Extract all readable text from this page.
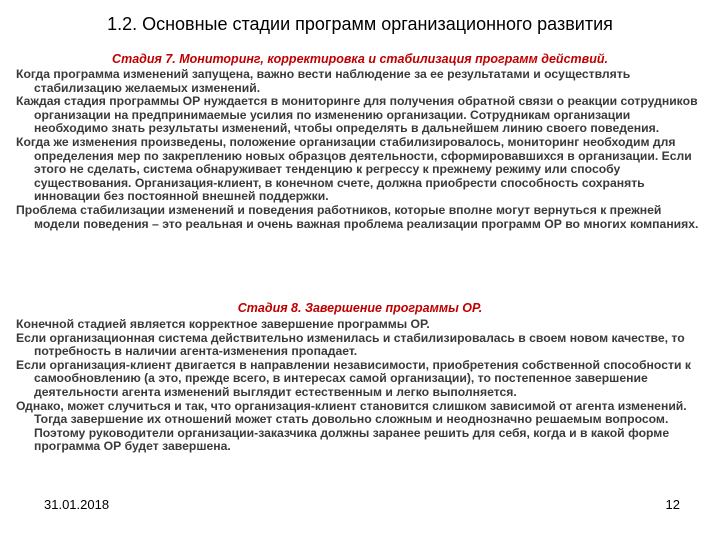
1.2. Основные стадии программ организационного развития
Стадия 7. Мониторинг, корректировка и стабилизация программ действий.

Когда программа изменений запущена, важно вести наблюдение за ее результатами и осуществлять стабилизацию желаемых изменений.

Каждая стадия программы ОР нуждается в мониторинге для получения обратной связи о реакции сотрудников организации на предпринимаемые усилия по изменению организации. Сотрудникам организации необходимо знать результаты изменений, чтобы определять в дальнейшем линию своего поведения.

Когда же изменения произведены, положение организации стабилизировалось, мониторинг необходим для определения мер по закреплению новых образцов деятельности, сформировавшихся в организации. Если этого не сделать, система обнаруживает тенденцию к регрессу к прежнему режиму или способу существования. Организация-клиент, в конечном счете, должна приобрести способность сохранять инновации без постоянной внешней поддержки.

Проблема стабилизации изменений и поведения работников, которые вполне могут вернуться к прежней модели поведения – это реальная и очень важная проблема реализации программ ОР во многих компаниях.

Стадия 8. Завершение программы ОР.

Конечной стадией является корректное завершение программы ОР.

Если организационная система действительно изменилась и стабилизировалась в своем новом качестве, то потребность в наличии агента-изменения пропадает.

Если организация-клиент двигается в направлении независимости, приобретения собственной способности к самообновлению (а это, прежде всего, в интересах самой организации), то постепенное завершение деятельности агента изменений выглядит естественным и легко выполняется.

Однако, может случиться и так, что организация-клиент становится слишком зависимой от агента изменений. Тогда завершение их отношений может стать довольно сложным и неоднозначно решаемым вопросом. Поэтому руководители организации-заказчика должны заранее решить для себя, когда и в какой форме программа ОР будет завершена.

31.01.2018	12
